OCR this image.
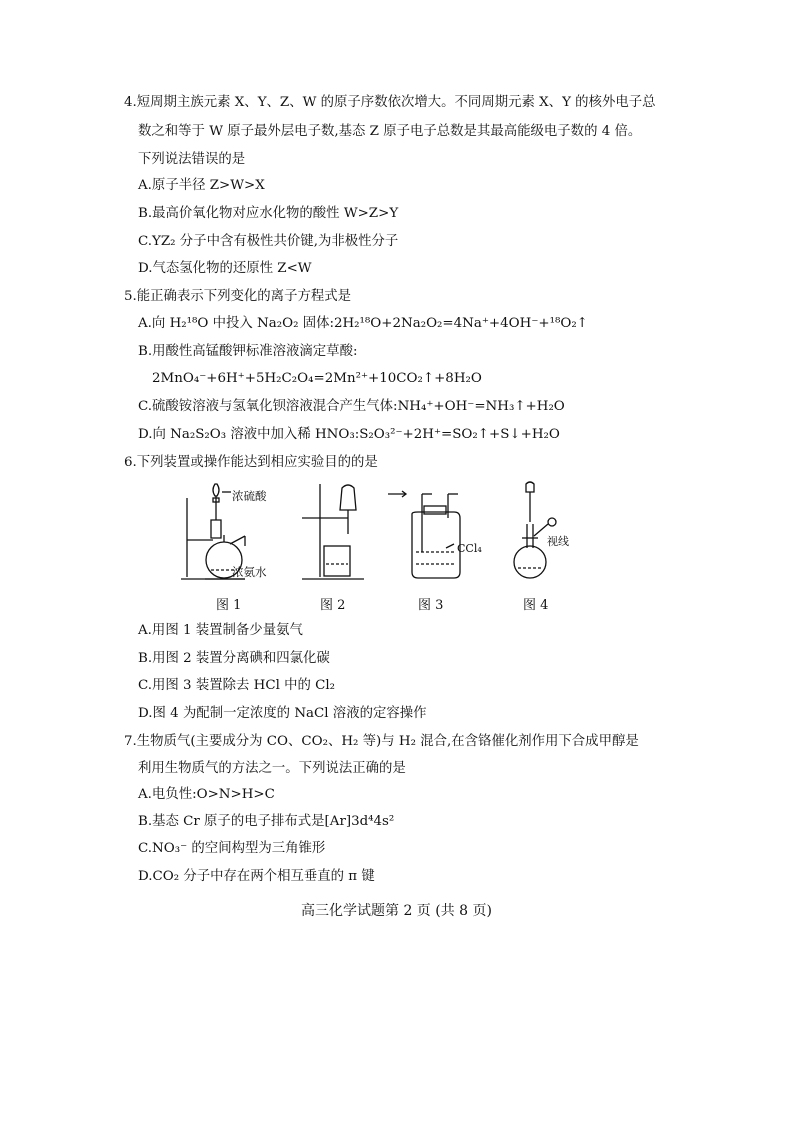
4.短周期主族元素 X、Y、Z、W 的原子序数依次增大。不同周期元素 X、Y 的核外电子总
数之和等于 W 原子最外层电子数,基态 Z 原子电子总数是其最高能级电子数的 4 倍。
下列说法错误的是
A.原子半径 Z>W>X
B.最高价氧化物对应水化物的酸性 W>Z>Y
C.YZ₂ 分子中含有极性共价键,为非极性分子
D.气态氢化物的还原性 Z<W
5.能正确表示下列变化的离子方程式是
A.向 H₂¹⁸O 中投入 Na₂O₂ 固体:2H₂¹⁸O+2Na₂O₂=4Na⁺+4OH⁻+¹⁸O₂↑
B.用酸性高锰酸钾标准溶液滴定草酸:
2MnO₄⁻+6H⁺+5H₂C₂O₄=2Mn²⁺+10CO₂↑+8H₂O
C.硫酸铵溶液与氢氧化钡溶液混合产生气体:NH₄⁺+OH⁻=NH₃↑+H₂O
D.向 Na₂S₂O₃ 溶液中加入稀 HNO₃:S₂O₃²⁻+2H⁺=SO₂↑+S↓+H₂O
6.下列装置或操作能达到相应实验目的的是
浓硫酸
浓氨水
CCl₄
视线
图 1	图 2	图 3	图 4
A.用图 1 装置制备少量氨气
B.用图 2 装置分离碘和四氯化碳
C.用图 3 装置除去 HCl 中的 Cl₂
D.图 4 为配制一定浓度的 NaCl 溶液的定容操作
7.生物质气(主要成分为 CO、CO₂、H₂ 等)与 H₂ 混合,在含铬催化剂作用下合成甲醇是
利用生物质气的方法之一。下列说法正确的是
A.电负性:O>N>H>C
B.基态 Cr 原子的电子排布式是[Ar]3d⁴4s²
C.NO₃⁻ 的空间构型为三角锥形
D.CO₂ 分子中存在两个相互垂直的 π 键
高三化学试题第 2 页 (共 8 页)
